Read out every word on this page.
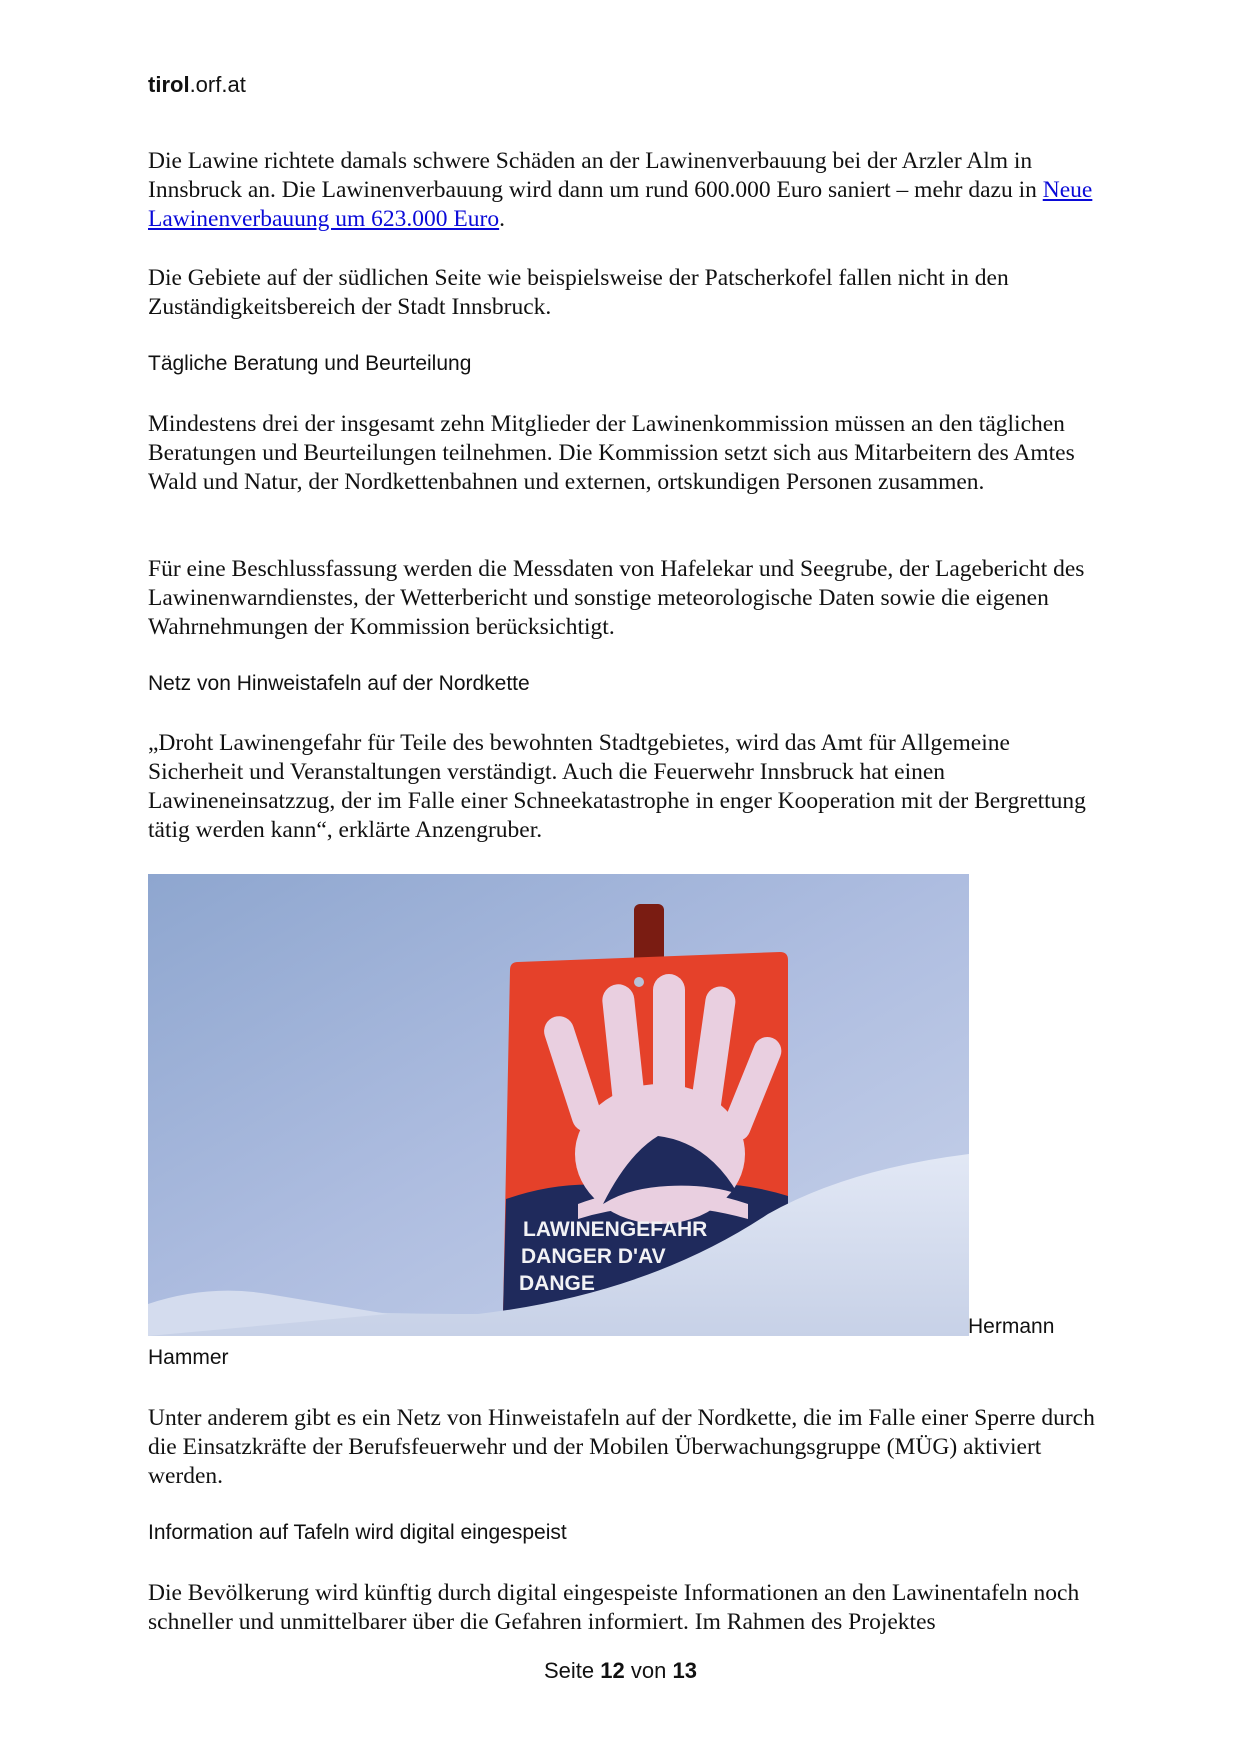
tirol.orf.at

Die Lawine richtete damals schwere Schäden an der Lawinenverbauung bei der Arzler Alm in Innsbruck an. Die Lawinenverbauung wird dann um rund 600.000 Euro saniert – mehr dazu in Neue Lawinenverbauung um 623.000 Euro.

Die Gebiete auf der südlichen Seite wie beispielsweise der Patscherkofel fallen nicht in den Zuständigkeitsbereich der Stadt Innsbruck.

Tägliche Beratung und Beurteilung

Mindestens drei der insgesamt zehn Mitglieder der Lawinenkommission müssen an den täglichen Beratungen und Beurteilungen teilnehmen. Die Kommission setzt sich aus Mitarbeitern des Amtes Wald und Natur, der Nordkettenbahnen und externen, ortskundigen Personen zusammen.

Für eine Beschlussfassung werden die Messdaten von Hafelekar und Seegrube, der Lagebericht des Lawinenwarndienstes, der Wetterbericht und sonstige meteorologische Daten sowie die eigenen Wahrnehmungen der Kommission berücksichtigt.

Netz von Hinweistafeln auf der Nordkette

„Droht Lawinengefahr für Teile des bewohnten Stadtgebietes, wird das Amt für Allgemeine Sicherheit und Veranstaltungen verständigt. Auch die Feuerwehr Innsbruck hat einen Lawineneinsatzzug, der im Falle einer Schneekatastrophe in enger Kooperation mit der Bergrettung tätig werden kann“, erklärte Anzengruber.

LAWINENGEFAHR
DANGER D'AV
DANGE

Hermann

Hammer

Unter anderem gibt es ein Netz von Hinweistafeln auf der Nordkette, die im Falle einer Sperre durch die Einsatzkräfte der Berufsfeuerwehr und der Mobilen Überwachungsgruppe (MÜG) aktiviert werden.

Information auf Tafeln wird digital eingespeist

Die Bevölkerung wird künftig durch digital eingespeiste Informationen an den Lawinentafeln noch schneller und unmittelbarer über die Gefahren informiert. Im Rahmen des Projektes

Seite 12 von 13
